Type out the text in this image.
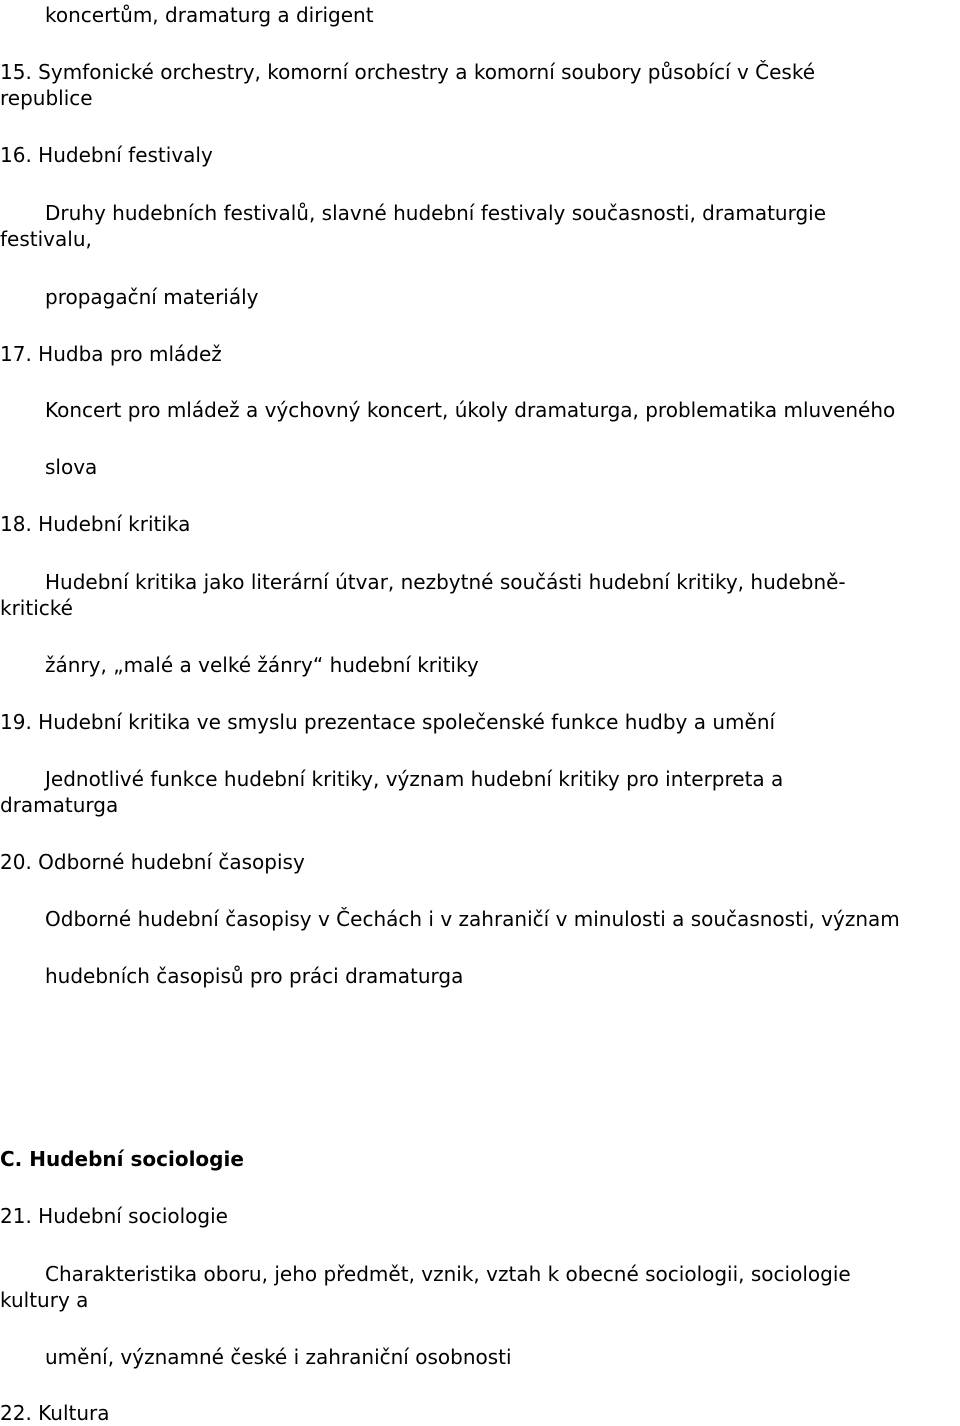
koncertům, dramaturg a dirigent

15. Symfonické orchestry, komorní orchestry a komorní soubory působící v České

republice

16. Hudební festivaly

Druhy hudebních festivalů, slavné hudební festivaly současnosti, dramaturgie

festivalu,

propagační materiály

17. Hudba pro mládež

Koncert pro mládež a výchovný koncert, úkoly dramaturga, problematika mluveného

slova

18. Hudební kritika

Hudební kritika jako literární útvar, nezbytné součásti hudební kritiky, hudebně-

kritické

žánry, „malé a velké žánry“ hudební kritiky

19. Hudební kritika ve smyslu prezentace společenské funkce hudby a umění

Jednotlivé funkce hudební kritiky, význam hudební kritiky pro interpreta a

dramaturga

20. Odborné hudební časopisy

Odborné hudební časopisy v Čechách i v zahraničí v minulosti a současnosti, význam

hudebních časopisů pro práci dramaturga

C. Hudební sociologie

21. Hudební sociologie

Charakteristika oboru, jeho předmět, vznik, vztah k obecné sociologii, sociologie

kultury a

umění, významné české i zahraniční osobnosti

22. Kultura
